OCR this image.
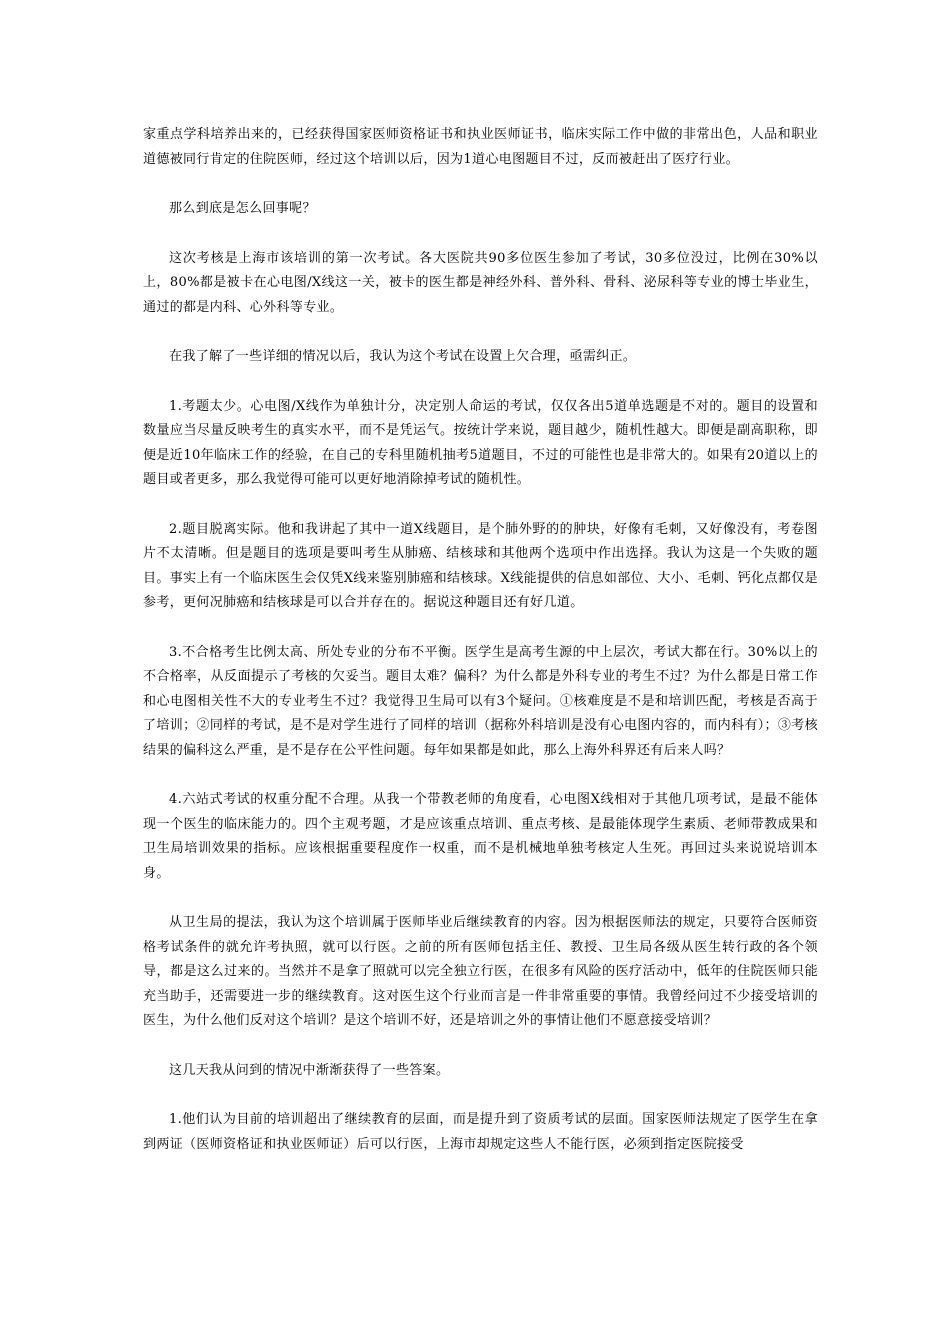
家重点学科培养出来的，已经获得国家医师资格证书和执业医师证书，临床实际工作中做的非常出色，人品和职业道德被同行肯定的住院医师，经过这个培训以后，因为1道心电图题目不过，反而被赶出了医疗行业。

那么到底是怎么回事呢？

这次考核是上海市该培训的第一次考试。各大医院共90多位医生参加了考试，30多位没过，比例在30%以上，80%都是被卡在心电图/X线这一关，被卡的医生都是神经外科、普外科、骨科、泌尿科等专业的博士毕业生，通过的都是内科、心外科等专业。

在我了解了一些详细的情况以后，我认为这个考试在设置上欠合理，亟需纠正。

1.考题太少。心电图/X线作为单独计分，决定别人命运的考试，仅仅各出5道单选题是不对的。题目的设置和数量应当尽量反映考生的真实水平，而不是凭运气。按统计学来说，题目越少，随机性越大。即便是副高职称，即便是近10年临床工作的经验，在自己的专科里随机抽考5道题目，不过的可能性也是非常大的。如果有20道以上的题目或者更多，那么我觉得可能可以更好地消除掉考试的随机性。

2.题目脱离实际。他和我讲起了其中一道X线题目，是个肺外野的的肿块，好像有毛刺，又好像没有，考卷图片不太清晰。但是题目的选项是要叫考生从肺癌、结核球和其他两个选项中作出选择。我认为这是一个失败的题目。事实上有一个临床医生会仅凭X线来鉴别肺癌和结核球。X线能提供的信息如部位、大小、毛刺、钙化点都仅是参考，更何况肺癌和结核球是可以合并存在的。据说这种题目还有好几道。

3.不合格考生比例太高、所处专业的分布不平衡。医学生是高考生源的中上层次，考试大都在行。30%以上的不合格率，从反面提示了考核的欠妥当。题目太难？偏科？为什么都是外科专业的考生不过？为什么都是日常工作和心电图相关性不大的专业考生不过？我觉得卫生局可以有3个疑问。①核难度是不是和培训匹配，考核是否高于了培训；②同样的考试，是不是对学生进行了同样的培训（据称外科培训是没有心电图内容的，而内科有）；③考核结果的偏科这么严重，是不是存在公平性问题。每年如果都是如此，那么上海外科界还有后来人吗？

4.六站式考试的权重分配不合理。从我一个带教老师的角度看，心电图X线相对于其他几项考试，是最不能体现一个医生的临床能力的。四个主观考题，才是应该重点培训、重点考核、是最能体现学生素质、老师带教成果和卫生局培训效果的指标。应该根据重要程度作一权重，而不是机械地单独考核定人生死。再回过头来说说培训本身。

从卫生局的提法，我认为这个培训属于医师毕业后继续教育的内容。因为根据医师法的规定，只要符合医师资格考试条件的就允许考执照，就可以行医。之前的所有医师包括主任、教授、卫生局各级从医生转行政的各个领导，都是这么过来的。当然并不是拿了照就可以完全独立行医，在很多有风险的医疗活动中，低年的住院医师只能充当助手，还需要进一步的继续教育。这对医生这个行业而言是一件非常重要的事情。我曾经问过不少接受培训的医生，为什么他们反对这个培训？是这个培训不好，还是培训之外的事情让他们不愿意接受培训？

这几天我从问到的情况中渐渐获得了一些答案。

1.他们认为目前的培训超出了继续教育的层面，而是提升到了资质考试的层面。国家医师法规定了医学生在拿到两证（医师资格证和执业医师证）后可以行医，上海市却规定这些人不能行医，必须到指定医院接受
